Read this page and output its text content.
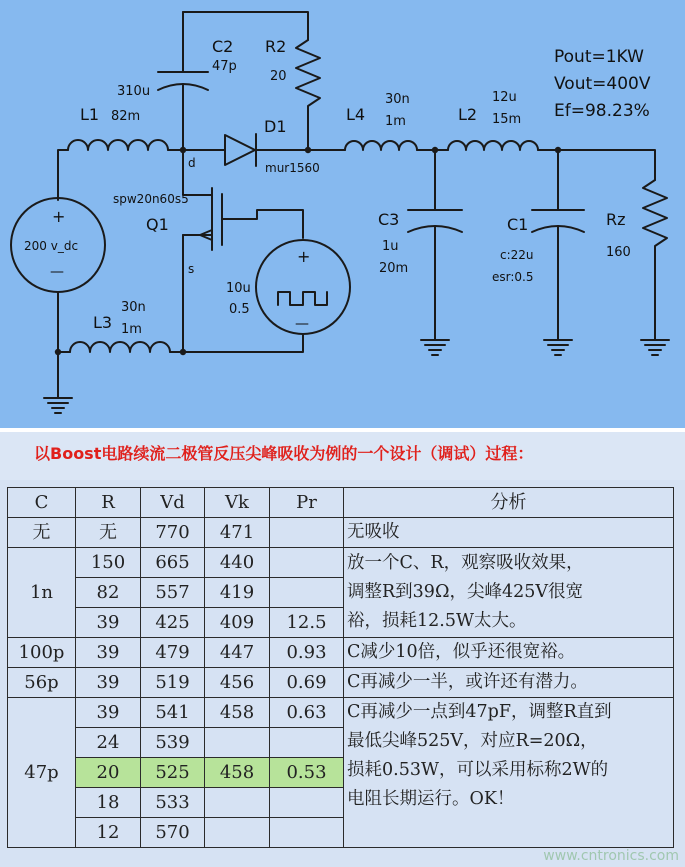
C2
47p
R2
20
310u
L1 82m
D1
mur1560
L4
30n
1m	L2
12u
15m
Pout=1KW
Vout=400V
Ef=98.23%
d
spw20n60s5
Q1
s
+
200 v_dc
—
+
—
10u
0.5
C3
1u
20m
C1
c:22u
esr:0.5
Rz
160
L3
30n
1m
以Boost电路续流二极管反压尖峰吸收为例的一个设计（调试）过程：
C	R	Vd	Vk	Pr	分析
无	无	770	471		无吸收
1n	150	665	440		放一个C、R，观察吸收效果，
调整R到39Ω，尖峰425V很宽
裕，损耗12.5W太大。

	82	557	419		
	39	425	409	12.5	
100p	39	479	447	0.93	C减少10倍，似乎还很宽裕。
56p	39	519	456	0.69	C再减少一半，或许还有潜力。
47p	39	541	458	0.63	C再减少一点到47pF，调整R直到
最低尖峰525V，对应R=20Ω，
损耗0.53W，可以采用标称2W的
电阻长期运行。OK！

	24	539			
	20	525	458	0.53	
	18	533			
	12	570			
www.cntronics.com
